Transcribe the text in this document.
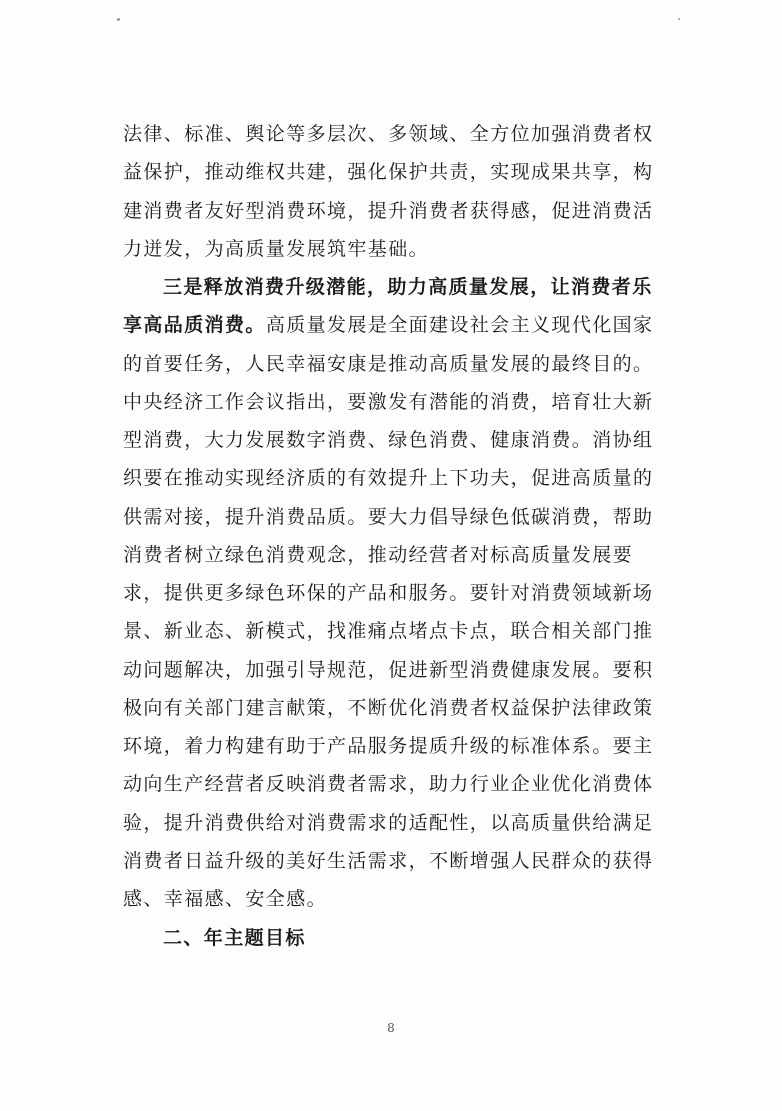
法律、标准、舆论等多层次、多领域、全方位加强消费者权
益保护，推动维权共建，强化保护共责，实现成果共享，构
建消费者友好型消费环境，提升消费者获得感，促进消费活
力迸发，为高质量发展筑牢基础。
三是释放消费升级潜能，助力高质量发展，让消费者乐
享高品质消费。高质量发展是全面建设社会主义现代化国家
的首要任务，人民幸福安康是推动高质量发展的最终目的。
中央经济工作会议指出，要激发有潜能的消费，培育壮大新
型消费，大力发展数字消费、绿色消费、健康消费。消协组
织要在推动实现经济质的有效提升上下功夫，促进高质量的
供需对接，提升消费品质。要大力倡导绿色低碳消费，帮助
消费者树立绿色消费观念，推动经营者对标高质量发展要
求，提供更多绿色环保的产品和服务。要针对消费领域新场
景、新业态、新模式，找准痛点堵点卡点，联合相关部门推
动问题解决，加强引导规范，促进新型消费健康发展。要积
极向有关部门建言献策，不断优化消费者权益保护法律政策
环境，着力构建有助于产品服务提质升级的标准体系。要主
动向生产经营者反映消费者需求，助力行业企业优化消费体
验，提升消费供给对消费需求的适配性，以高质量供给满足
消费者日益升级的美好生活需求，不断增强人民群众的获得
感、幸福感、安全感。
二、年主题目标
8
